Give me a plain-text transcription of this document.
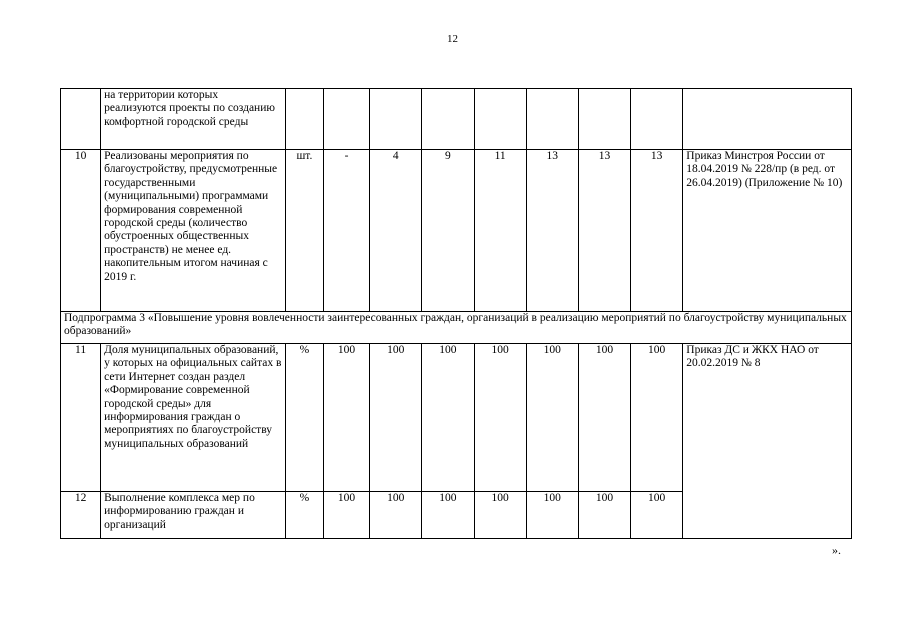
12
	на территории которых реализуются проекты по созданию комфортной городской среды									
10	Реализованы мероприятия по благоустройству, предусмотренные государственными (муниципальными) программами формирования современной городской среды (количество обустроенных общественных пространств) не менее ед. накопительным итогом начиная с 2019 г.	шт.	-	4	9	11	13	13	13	Приказ Минстроя России от 18.04.2019 № 228/пр (в ред. от 26.04.2019) (Приложение № 10)
Подпрограмма 3 «Повышение уровня вовлеченности заинтересованных граждан, организаций в реализацию мероприятий по благоустройству муниципальных образований»										
11	Доля муниципальных образований, у которых на официальных сайтах в сети Интернет создан раздел «Формирование современной городской среды» для информирования граждан о мероприятиях по благоустройству муниципальных образований	%	100	100	100	100	100	100	100	Приказ ДС и ЖКХ НАО от 20.02.2019 № 8
12	Выполнение комплекса мер по информированию граждан и организаций	%	100	100	100	100	100	100	100	
».
